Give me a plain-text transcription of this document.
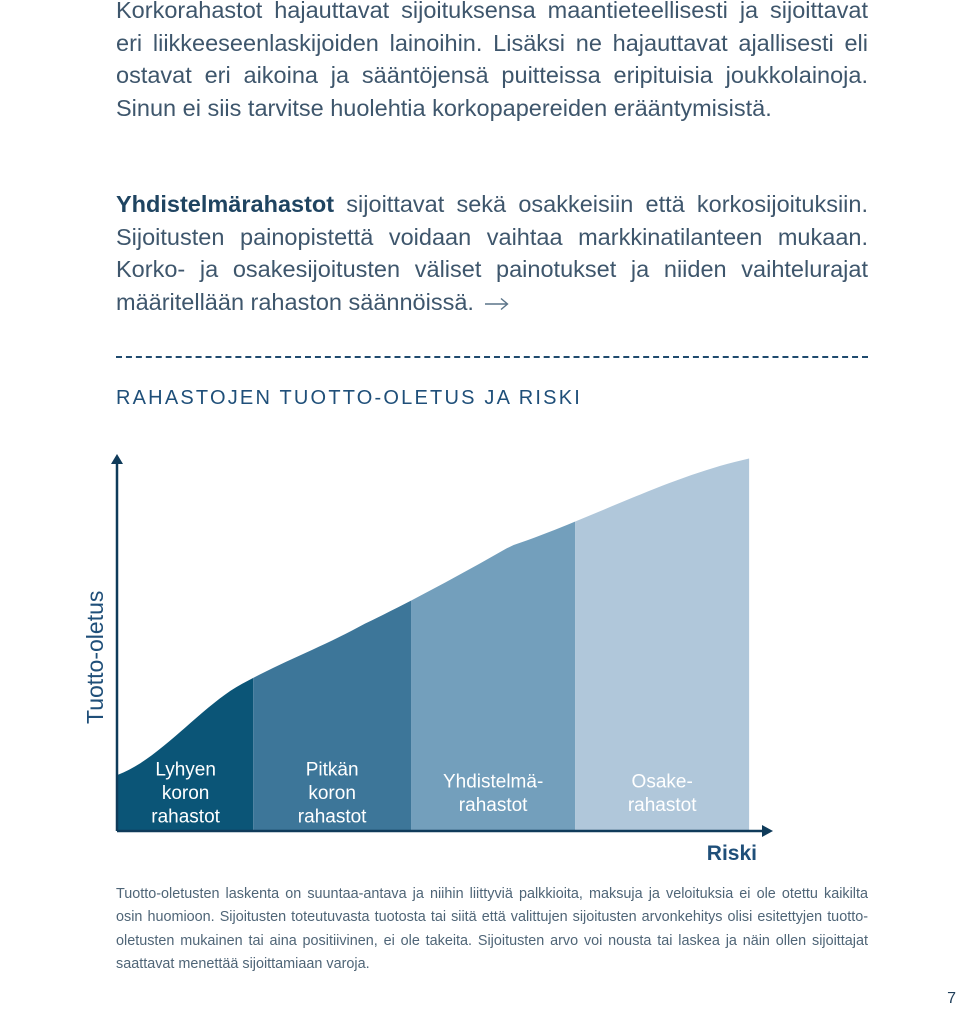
Korkorahastot hajauttavat sijoituksensa maantieteellisesti ja sijoittavat eri liikkeeseenlaskijoiden lainoihin. Lisäksi ne hajauttavat ajallisesti eli ostavat eri aikoina ja sääntöjensä puitteissa eripituisia joukkolainoja. Sinun ei siis tarvitse huolehtia korkopapereiden erääntymisistä.

Yhdistelmärahastot sijoittavat sekä osakkeisiin että korkosijoituksiin. Sijoitusten painopistettä voidaan vaihtaa markkinatilanteen mukaan. Korko- ja osakesijoitusten väliset painotukset ja niiden vaihtelurajat määritellään rahaston säännöissä.

RAHASTOJEN TUOTTO-OLETUS JA RISKI
Tuotto-oletus
Riski
Lyhyen koron rahastot
Pitkän koron rahastot
Yhdistelmä-rahastot
Osake-rahastot

Tuotto-oletusten laskenta on suuntaa-antava ja niihin liittyviä palkkioita, maksuja ja veloituksia ei ole otettu kaikilta osin huomioon. Sijoitusten toteutuvasta tuotosta tai siitä että valittujen sijoitusten arvonkehitys olisi esitettyjen tuotto-oletusten mukainen tai aina positiivinen, ei ole takeita. Sijoitusten arvo voi nousta tai laskea ja näin ollen sijoittajat saattavat menettää sijoittamiaan varoja.

7
